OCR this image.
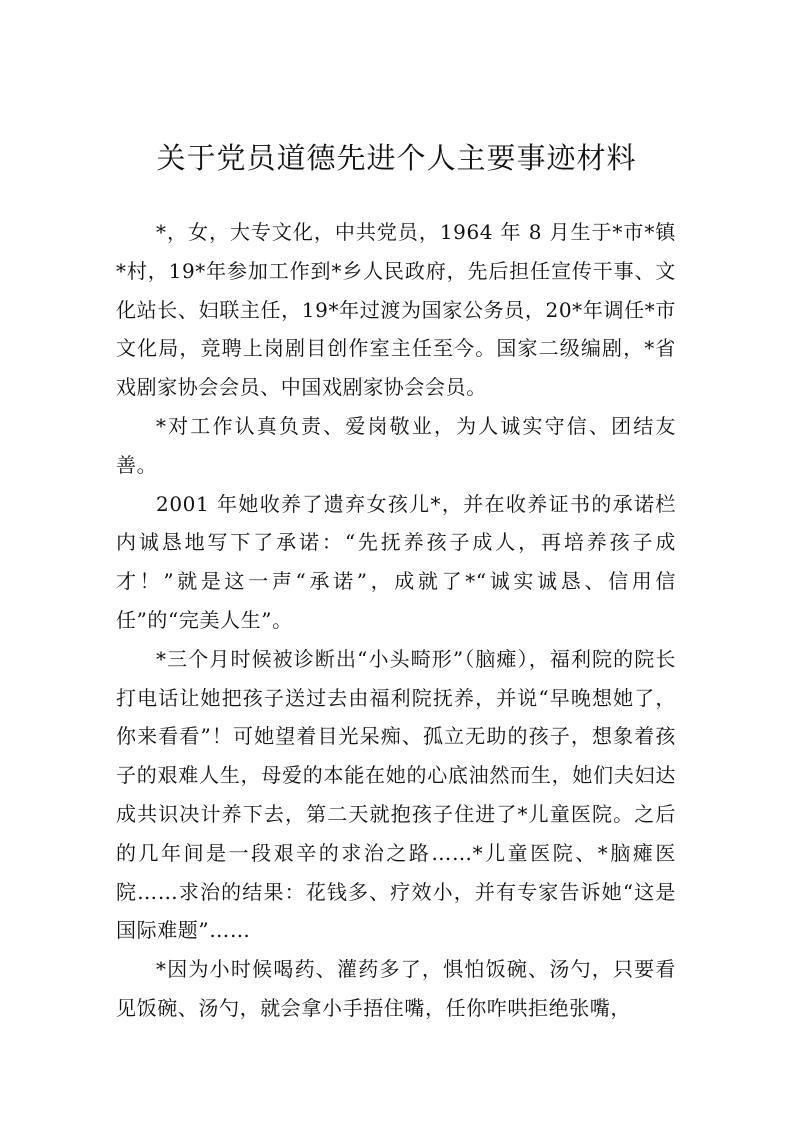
关于党员道德先进个人主要事迹材料

*，女，大专文化，中共党员，1964 年 8 月生于*市*镇*村，19*年参加工作到*乡人民政府，先后担任宣传干事、文化站长、妇联主任，19*年过渡为国家公务员，20*年调任*市文化局，竞聘上岗剧目创作室主任至今。国家二级编剧，*省戏剧家协会会员、中国戏剧家协会会员。

*对工作认真负责、爱岗敬业，为人诚实守信、团结友善。

2001 年她收养了遗弃女孩儿*，并在收养证书的承诺栏内诚恳地写下了承诺：“先抚养孩子成人，再培养孩子成才！”就是这一声“承诺”，成就了*“诚实诚恳、信用信任”的“完美人生”。

*三个月时候被诊断出“小头畸形”（脑瘫），福利院的院长打电话让她把孩子送过去由福利院抚养，并说“早晚想她了，你来看看”！可她望着目光呆痴、孤立无助的孩子，想象着孩子的艰难人生，母爱的本能在她的心底油然而生，她们夫妇达成共识决计养下去，第二天就抱孩子住进了*儿童医院。之后的几年间是一段艰辛的求治之路……*儿童医院、*脑瘫医院……求治的结果：花钱多、疗效小，并有专家告诉她“这是国际难题”……

*因为小时候喝药、灌药多了，惧怕饭碗、汤勺，只要看见饭碗、汤勺，就会拿小手捂住嘴，任你咋哄拒绝张嘴，
